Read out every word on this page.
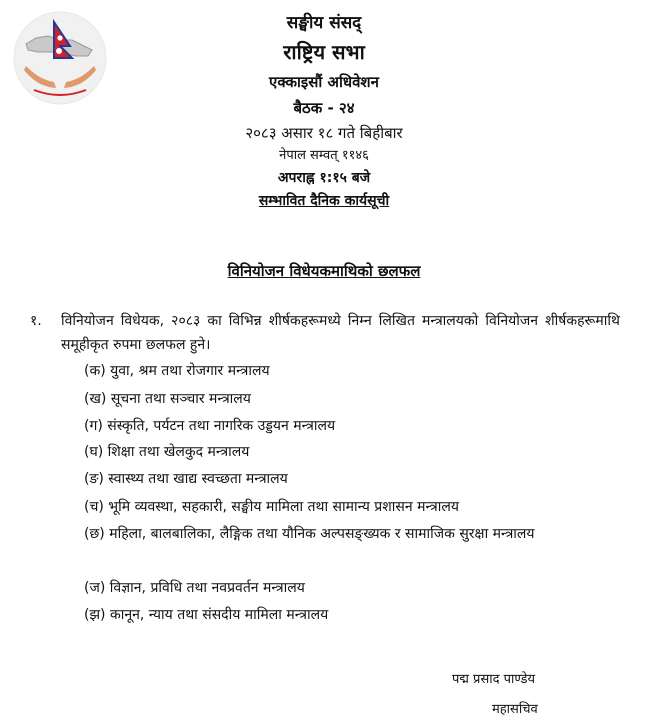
सङ्घीय संसद्
राष्ट्रिय सभा
एक्काइसौं अधिवेशन
बैठक - २४
२०८३ असार १८ गते बिहीबार
नेपाल सम्वत् ११४६
अपराह्न १:१५ बजे
सम्भावित दैनिक कार्यसूची
विनियोजन विधेयकमाथिको छलफल
१. विनियोजन विधेयक, २०८३ का विभिन्न शीर्षकहरूमध्ये निम्न लिखित मन्त्रालयको विनियोजन शीर्षकहरूमाथि समूहीकृत रुपमा छलफल हुने।
(क) युवा, श्रम तथा रोजगार मन्त्रालय
(ख) सूचना तथा सञ्चार मन्त्रालय
(ग) संस्कृति, पर्यटन तथा नागरिक उड्डयन मन्त्रालय
(घ) शिक्षा तथा खेलकुद मन्त्रालय
(ङ) स्वास्थ्य तथा खाद्य स्वच्छता मन्त्रालय
(च) भूमि व्यवस्था, सहकारी, सङ्घीय मामिला तथा सामान्य प्रशासन मन्त्रालय
(छ) महिला, बालबालिका, लैङ्गिक तथा यौनिक अल्पसङ्ख्यक र सामाजिक सुरक्षा मन्त्रालय
(ज) विज्ञान, प्रविधि तथा नवप्रवर्तन मन्त्रालय
(झ) कानून, न्याय तथा संसदीय मामिला मन्त्रालय
पद्म प्रसाद पाण्डेय
महासचिव
